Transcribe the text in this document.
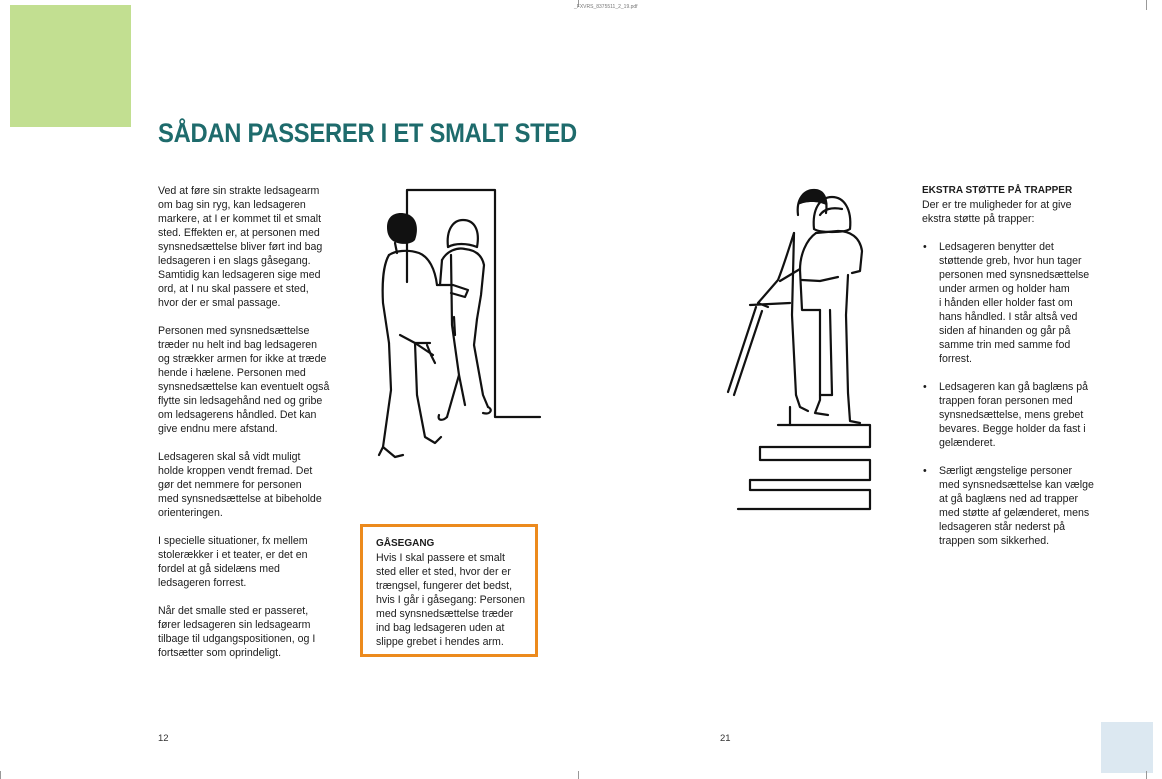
_FXVRS_8375511_2_19.pdf
SÅDAN PASSERER I ET SMALT STED

Ved at føre sin strakte ledsagearm
om bag sin ryg, kan ledsageren
markere, at I er kommet til et smalt
sted. Effekten er, at personen med
synsnedsættelse bliver ført ind bag
ledsageren i en slags gåsegang.
Samtidig kan ledsageren sige med
ord, at I nu skal passere et sted,
hvor der er smal passage.

Personen med synsnedsættelse
træder nu helt ind bag ledsageren
og strækker armen for ikke at træde
hende i hælene. Personen med
synsnedsættelse kan eventuelt også
flytte sin ledsagehånd ned og gribe
om ledsagerens håndled. Det kan
give endnu mere afstand.

Ledsageren skal så vidt muligt
holde kroppen vendt fremad. Det
gør det nemmere for personen
med synsnedsættelse at bibeholde
orienteringen.

I specielle situationer, fx mellem
stolerækker i et teater, er det en
fordel at gå sidelæns med
ledsageren forrest.

Når det smalle sted er passeret,
fører ledsageren sin ledsagearm
tilbage til udgangspositionen, og I
fortsætter som oprindeligt.

GÅSEGANG
Hvis I skal passere et smalt
sted eller et sted, hvor der er
trængsel, fungerer det bedst,
hvis I går i gåsegang: Personen
med synsnedsættelse træder
ind bag ledsageren uden at
slippe grebet i hendes arm.
EKSTRA STØTTE PÅ TRAPPER
Der er tre muligheder for at give
ekstra støtte på trapper:
• Ledsageren benytter det
støttende greb, hvor hun tager
personen med synsnedsættelse
under armen og holder ham
i hånden eller holder fast om
hans håndled. I står altså ved
siden af hinanden og går på
samme trin med samme fod
forrest.
• Ledsageren kan gå baglæns på
trappen foran personen med
synsnedsættelse, mens grebet
bevares. Begge holder da fast i
gelænderet.
• Særligt ængstelige personer
med synsnedsættelse kan vælge
at gå baglæns ned ad trapper
med støtte af gelænderet, mens
ledsageren står nederst på
trappen som sikkerhed.
12	21
